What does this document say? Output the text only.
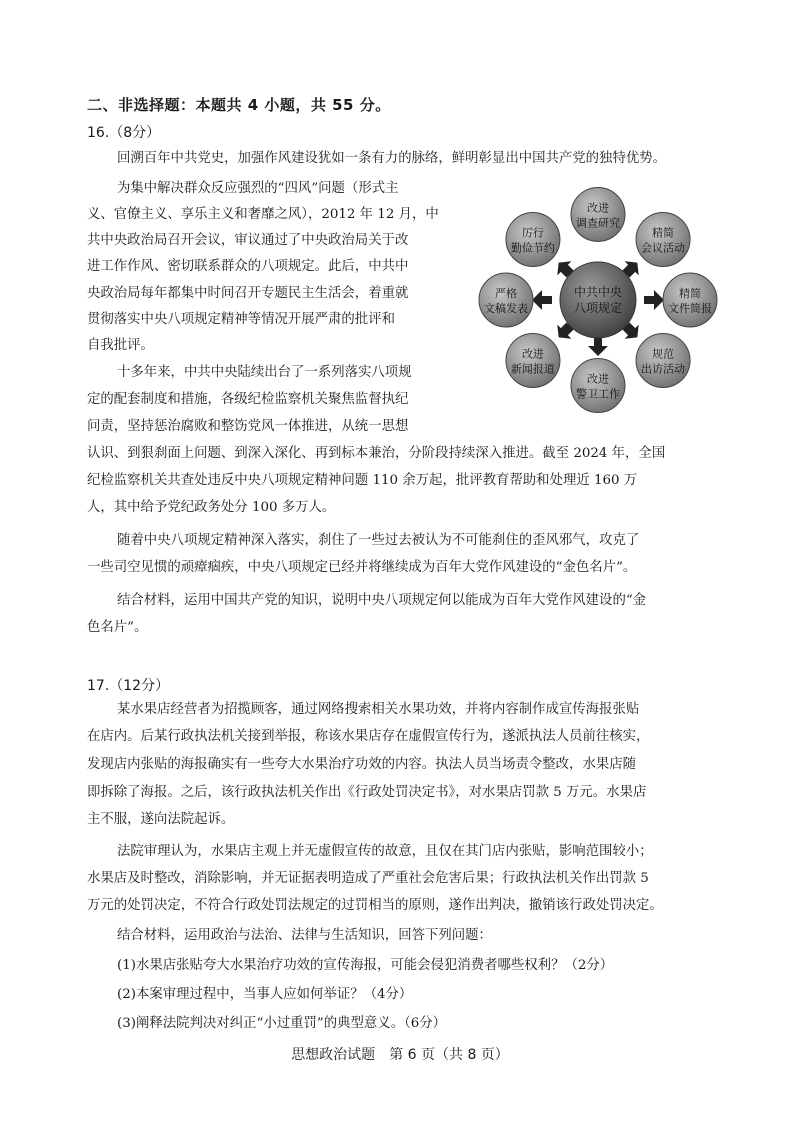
二、非选择题：本题共 4 小题，共 55 分。
16.（8分）
回溯百年中共党史，加强作风建设犹如一条有力的脉络，鲜明彰显出中国共产党的独特优势。
为集中解决群众反应强烈的“四风”问题（形式主
义、官僚主义、享乐主义和奢靡之风），2012 年 12 月，中
共中央政治局召开会议，审议通过了中央政治局关于改
进工作作风、密切联系群众的八项规定。此后，中共中
央政治局每年都集中时间召开专题民主生活会，着重就
贯彻落实中央八项规定精神等情况开展严肃的批评和
自我批评。
十多年来，中共中央陆续出台了一系列落实八项规
定的配套制度和措施，各级纪检监察机关聚焦监督执纪
问责，坚持惩治腐败和整饬党风一体推进，从统一思想
认识、到狠刹面上问题、到深入深化、再到标本兼治，分阶段持续深入推进。截至 2024 年，全国
纪检监察机关共查处违反中央八项规定精神问题 110 余万起，批评教育帮助和处理近 160 万
人，其中给予党纪政务处分 100 多万人。
随着中央八项规定精神深入落实，刹住了一些过去被认为不可能刹住的歪风邪气，攻克了
一些司空见惯的顽瘴痼疾，中央八项规定已经并将继续成为百年大党作风建设的“金色名片”。
结合材料，运用中国共产党的知识，说明中央八项规定何以能成为百年大党作风建设的“金
色名片”。
中共中央
八项规定
改进
调查研究
精简
会议活动
精简
文件简报
规范
出访活动
改进
警卫工作
改进
新闻报道
严格
文稿发表
厉行
勤俭节约
17.（12分）
某水果店经营者为招揽顾客，通过网络搜索相关水果功效，并将内容制作成宣传海报张贴
在店内。后某行政执法机关接到举报，称该水果店存在虚假宣传行为，遂派执法人员前往核实，
发现店内张贴的海报确实有一些夸大水果治疗功效的内容。执法人员当场责令整改，水果店随
即拆除了海报。之后，该行政执法机关作出《行政处罚决定书》，对水果店罚款 5 万元。水果店
主不服，遂向法院起诉。
法院审理认为，水果店主观上并无虚假宣传的故意，且仅在其门店内张贴，影响范围较小；
水果店及时整改，消除影响，并无证据表明造成了严重社会危害后果；行政执法机关作出罚款 5
万元的处罚决定，不符合行政处罚法规定的过罚相当的原则，遂作出判决，撤销该行政处罚决定。
结合材料，运用政治与法治、法律与生活知识，回答下列问题：
(1)水果店张贴夸大水果治疗功效的宣传海报，可能会侵犯消费者哪些权利？（2分）
(2)本案审理过程中，当事人应如何举证？（4分）
(3)阐释法院判决对纠正“小过重罚”的典型意义。（6分）
思想政治试题　第 6 页（共 8 页）
